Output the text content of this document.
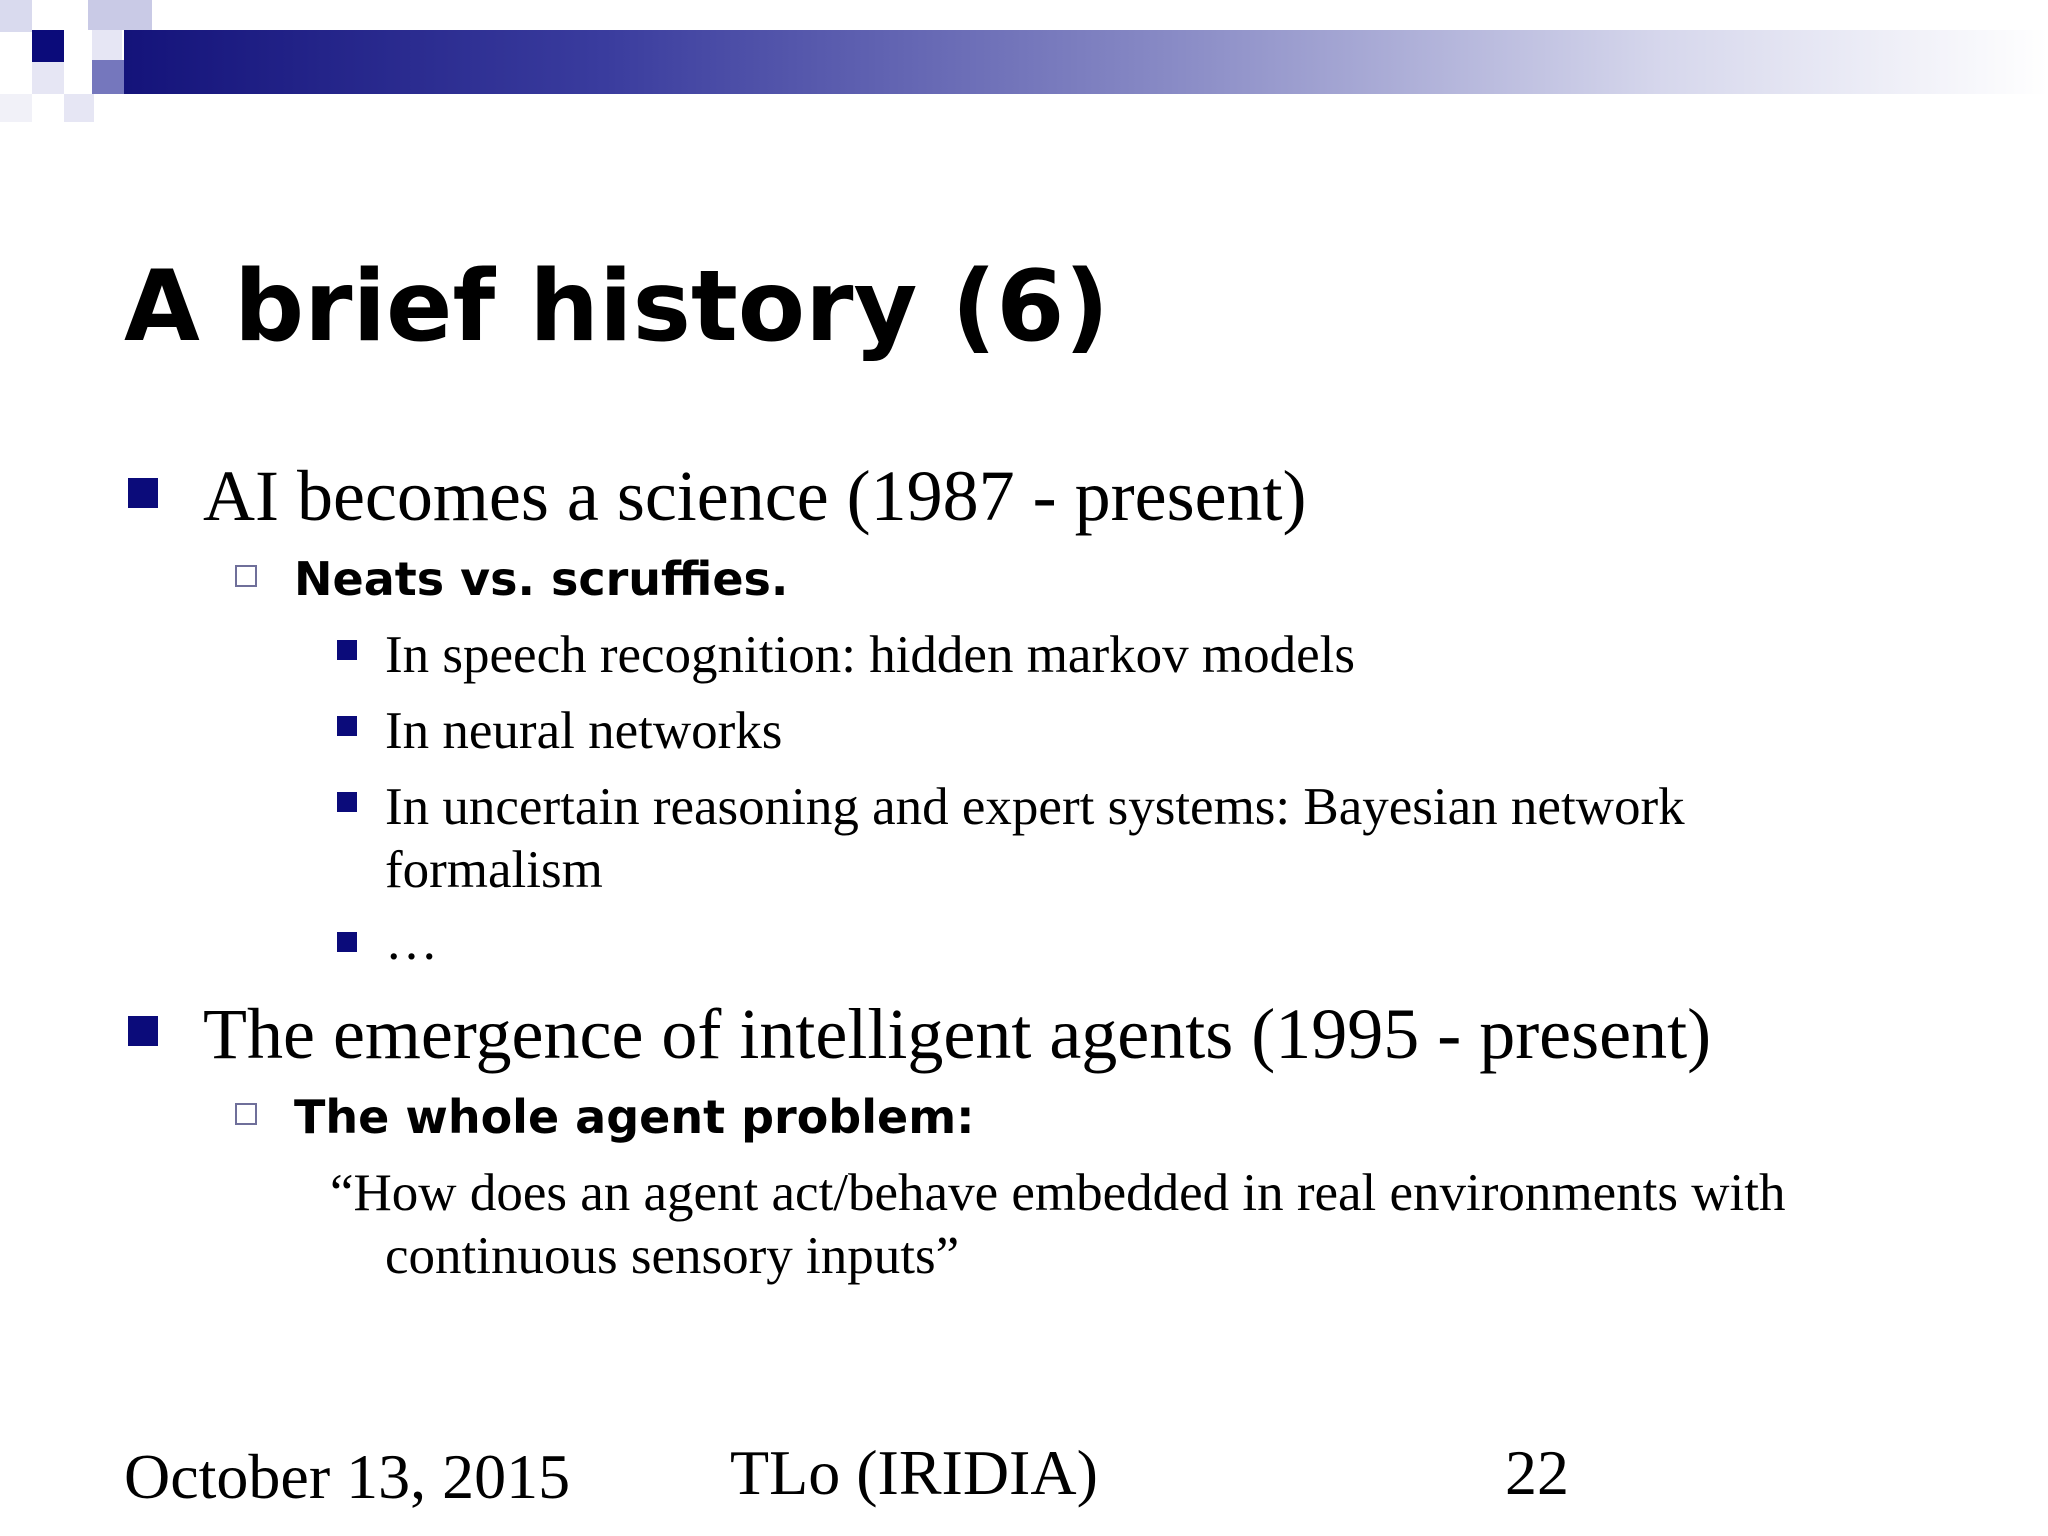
A brief history (6)
AI becomes a science (1987 - present)
Neats vs. scruffies.
In speech recognition: hidden markov models
In neural networks
In uncertain reasoning and expert systems: Bayesian network
formalism
…
The emergence of intelligent agents (1995 - present)
The whole agent problem:
“How does an agent act/behave embedded in real environments with
continuous sensory inputs”
October 13, 2015 TLo (IRIDIA)	22
